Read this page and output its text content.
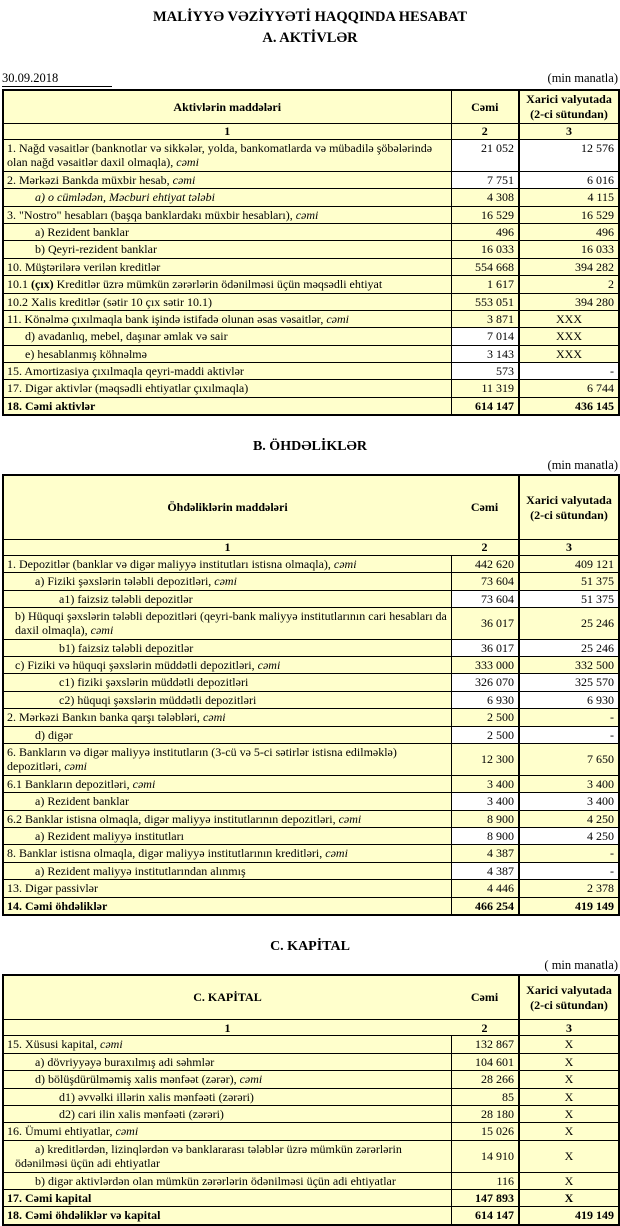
MALİYYƏ VƏZİYYƏTİ HAQQINDA HESABAT
A. AKTİVLƏR
30.09.2018	(min manatla)
Aktivlərin maddələri	Cəmi	Xarici valyutada (2-ci sütundan)
1	2	3
1. Nağd vəsaitlər (banknotlar və sikkələr, yolda, bankomatlarda və mübadilə şöbələrində olan nağd vəsaitlər daxil olmaqla), cəmi	21 052	12 576
2. Mərkəzi Bankda müxbir hesab, cəmi	7 751	6 016
a) o cümlədən, Məcburi ehtiyat tələbi	4 308	4 115
3. "Nostro" hesabları (başqa banklardakı müxbir hesabları), cəmi	16 529	16 529
a) Rezident banklar	496	496
b) Qeyri-rezident banklar	16 033	16 033
10. Müştərilərə verilən kreditlər	554 668	394 282
10.1 (çıx) Kreditlər üzrə mümkün zərərlərin ödənilməsi üçün məqsədli ehtiyat	1 617	2
10.2 Xalis kreditlər (sətir 10 çıx sətir 10.1)	553 051	394 280
11. Könəlmə çıxılmaqla bank işində istifadə olunan əsas vəsaitlər, cəmi	3 871	XXX
d) avadanlıq, mebel, daşınar əmlak və sair	7 014	XXX
e) hesablanmış köhnəlmə	3 143	XXX
15. Amortizasiya çıxılmaqla qeyri-maddi aktivlər	573	-
17. Digər aktivlər (məqsədli ehtiyatlar çıxılmaqla)	11 319	6 744
18. Cəmi aktivlər	614 147	436 145
B. ÖHDƏLİKLƏR
(min manatla)
Öhdəliklərin maddələri	Cəmi	Xarici valyutada (2-ci sütundan)
1	2	3
1. Depozitlər (banklar və digər maliyyə institutları istisna olmaqla), cəmi	442 620	409 121
a) Fiziki şəxslərin tələbli depozitləri, cəmi	73 604	51 375
a1) faizsiz tələbli depozitlər	73 604	51 375
b) Hüquqi şəxslərin tələbli depozitləri (qeyri-bank maliyyə institutlarının cari hesabları da daxil olmaqla), cəmi	36 017	25 246
b1) faizsiz tələbli depozitlər	36 017	25 246
c) Fiziki və hüquqi şəxslərin müddətli depozitləri, cəmi	333 000	332 500
c1) fiziki şəxslərin müddətli depozitləri	326 070	325 570
c2) hüquqi şəxslərin müddətli depozitləri	6 930	6 930
2. Mərkəzi Bankın banka qarşı tələbləri, cəmi	2 500	-
d) digər	2 500	-
6. Bankların və digər maliyyə institutların (3-cü və 5-ci sətirlər istisna edilməklə) depozitləri, cəmi	12 300	7 650
6.1 Bankların depozitləri, cəmi	3 400	3 400
a) Rezident banklar	3 400	3 400
6.2 Banklar istisna olmaqla, digər maliyyə institutlarının depozitləri, cəmi	8 900	4 250
a) Rezident maliyyə institutları	8 900	4 250
8. Banklar istisna olmaqla, digər maliyyə institutlarının kreditləri, cəmi	4 387	-
a) Rezident maliyyə institutlarından alınmış	4 387	-
13. Digər passivlər	4 446	2 378
14. Cəmi öhdəliklər	466 254	419 149
C. KAPİTAL
( min manatla)
C. KAPİTAL	Cəmi	Xarici valyutada (2-ci sütundan)
1	2	3
15. Xüsusi kapital, cəmi	132 867	X
a) dövriyyəyə buraxılmış adi səhmlər	104 601	X
d) bölüşdürülməmiş xalis mənfəət (zərər), cəmi	28 266	X
d1) əvvəlki illərin xalis mənfəəti (zərəri)	85	X
d2) cari ilin xalis mənfəəti (zərəri)	28 180	X
16. Ümumi ehtiyatlar, cəmi	15 026	X
a) kreditlərdən, lizinqlərdən və banklararası tələblər üzrə mümkün zərərlərin ödənilməsi üçün adi ehtiyatlar	14 910	X
b) digər aktivlərdən olan mümkün zərərlərin ödənilməsi üçün adi ehtiyatlar	116	X
17. Cəmi kapital	147 893	X
18. Cəmi öhdəliklər və kapital	614 147	419 149
